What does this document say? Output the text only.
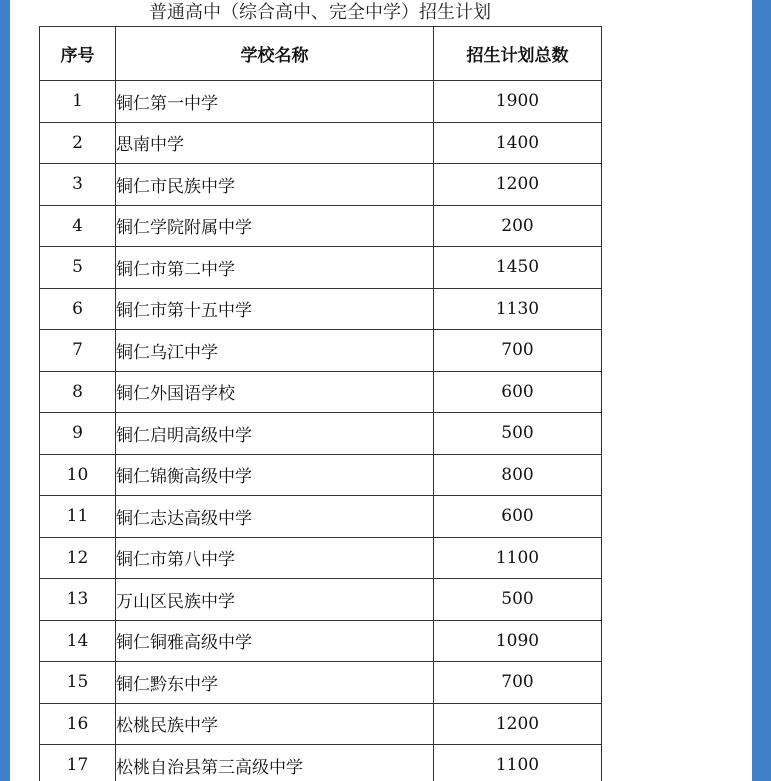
普通高中（综合高中、完全中学）招生计划
序号	学校名称	招生计划总数
1	铜仁第一中学	1900
2	思南中学	1400
3	铜仁市民族中学	1200
4	铜仁学院附属中学	200
5	铜仁市第二中学	1450
6	铜仁市第十五中学	1130
7	铜仁乌江中学	700
8	铜仁外国语学校	600
9	铜仁启明高级中学	500
10	铜仁锦衡高级中学	800
11	铜仁志达高级中学	600
12	铜仁市第八中学	1100
13	万山区民族中学	500
14	铜仁铜雅高级中学	1090
15	铜仁黔东中学	700
16	松桃民族中学	1200
17	松桃自治县第三高级中学	1100
